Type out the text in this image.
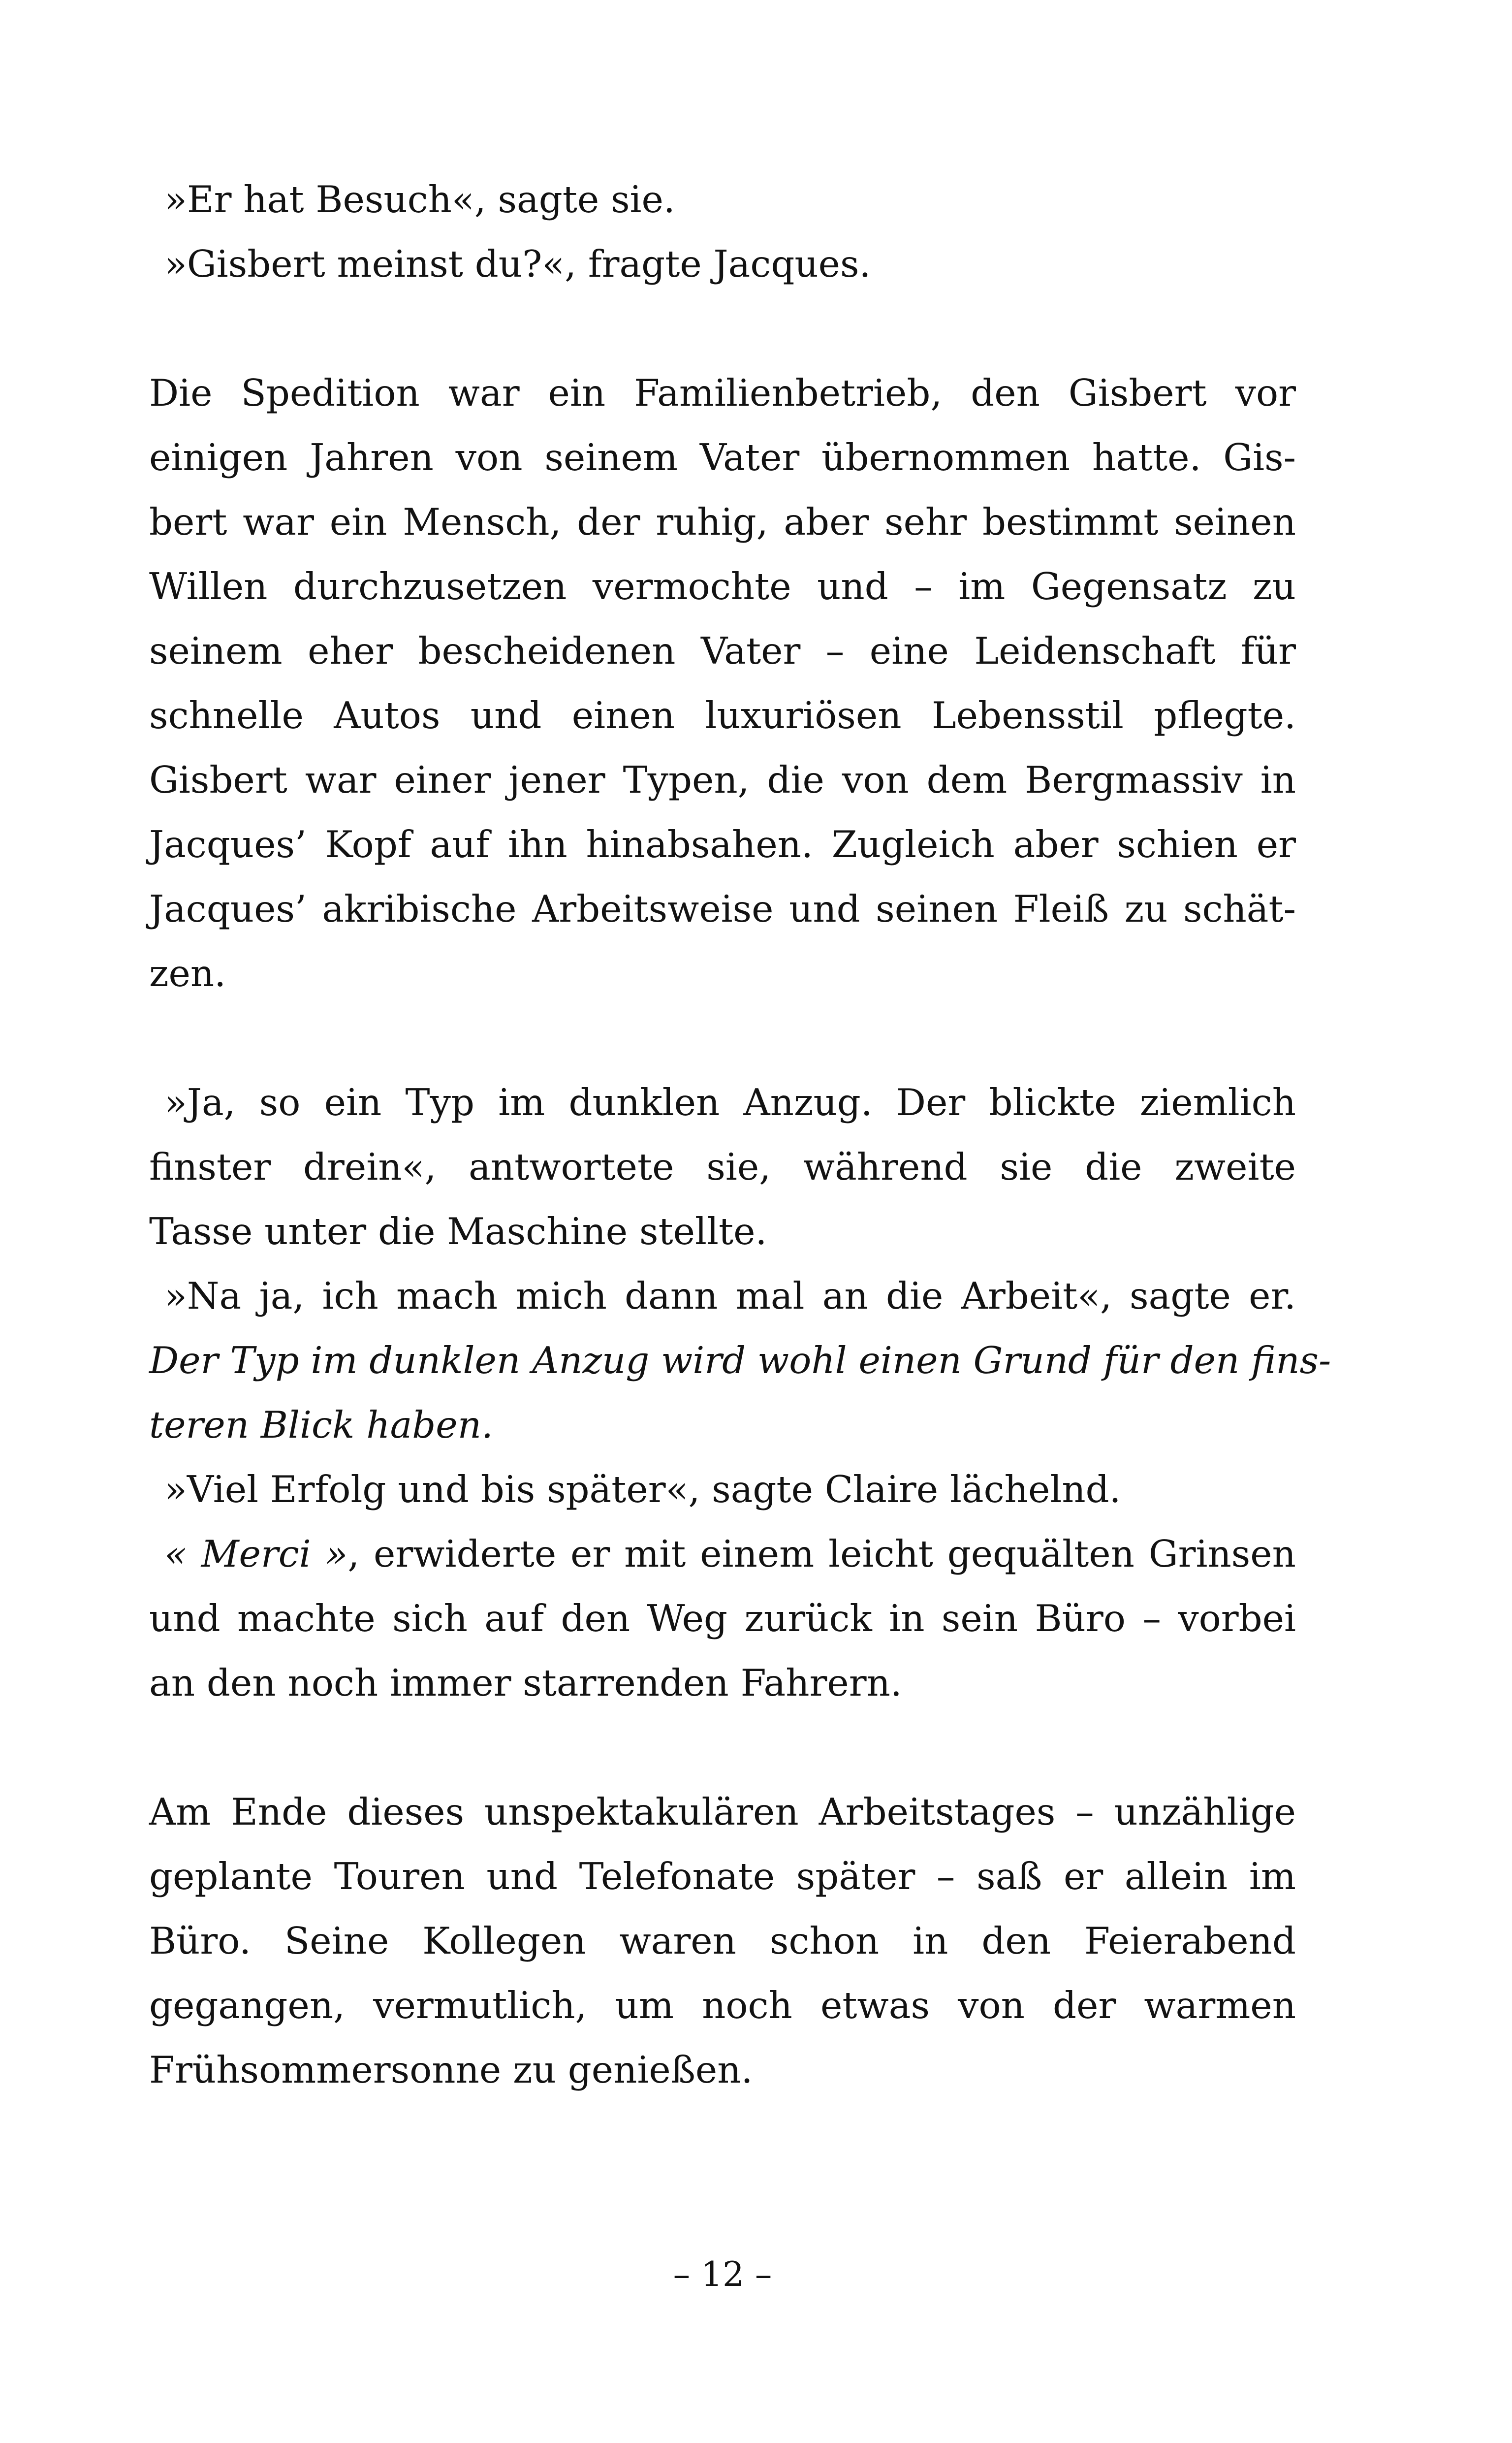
»Er hat Besuch«, sagte sie.
»Gisbert meinst du?«, fragte Jacques.
Die Spedition war ein Familienbetrieb, den Gisbert vor
einigen Jahren von seinem Vater übernommen hatte. Gis-
bert war ein Mensch, der ruhig, aber sehr bestimmt seinen
Willen durchzusetzen vermochte und – im Gegensatz zu
seinem eher bescheidenen Vater – eine Leidenschaft für
schnelle Autos und einen luxuriösen Lebensstil pflegte.
Gisbert war einer jener Typen, die von dem Bergmassiv in
Jacques’ Kopf auf ihn hinabsahen. Zugleich aber schien er
Jacques’ akribische Arbeitsweise und seinen Fleiß zu schät-
zen.
»Ja, so ein Typ im dunklen Anzug. Der blickte ziemlich
finster drein«, antwortete sie, während sie die zweite
Tasse unter die Maschine stellte.
»Na ja, ich mach mich dann mal an die Arbeit«, sagte er.
Der Typ im dunklen Anzug wird wohl einen Grund für den fins-
teren Blick haben.
»Viel Erfolg und bis später«, sagte Claire lächelnd.
« Merci », erwiderte er mit einem leicht gequälten Grinsen
und machte sich auf den Weg zurück in sein Büro – vorbei
an den noch immer starrenden Fahrern.
Am Ende dieses unspektakulären Arbeitstages – unzählige
geplante Touren und Telefonate später – saß er allein im
Büro. Seine Kollegen waren schon in den Feierabend
gegangen, vermutlich, um noch etwas von der warmen
Frühsommersonne zu genießen.
– 12 –
